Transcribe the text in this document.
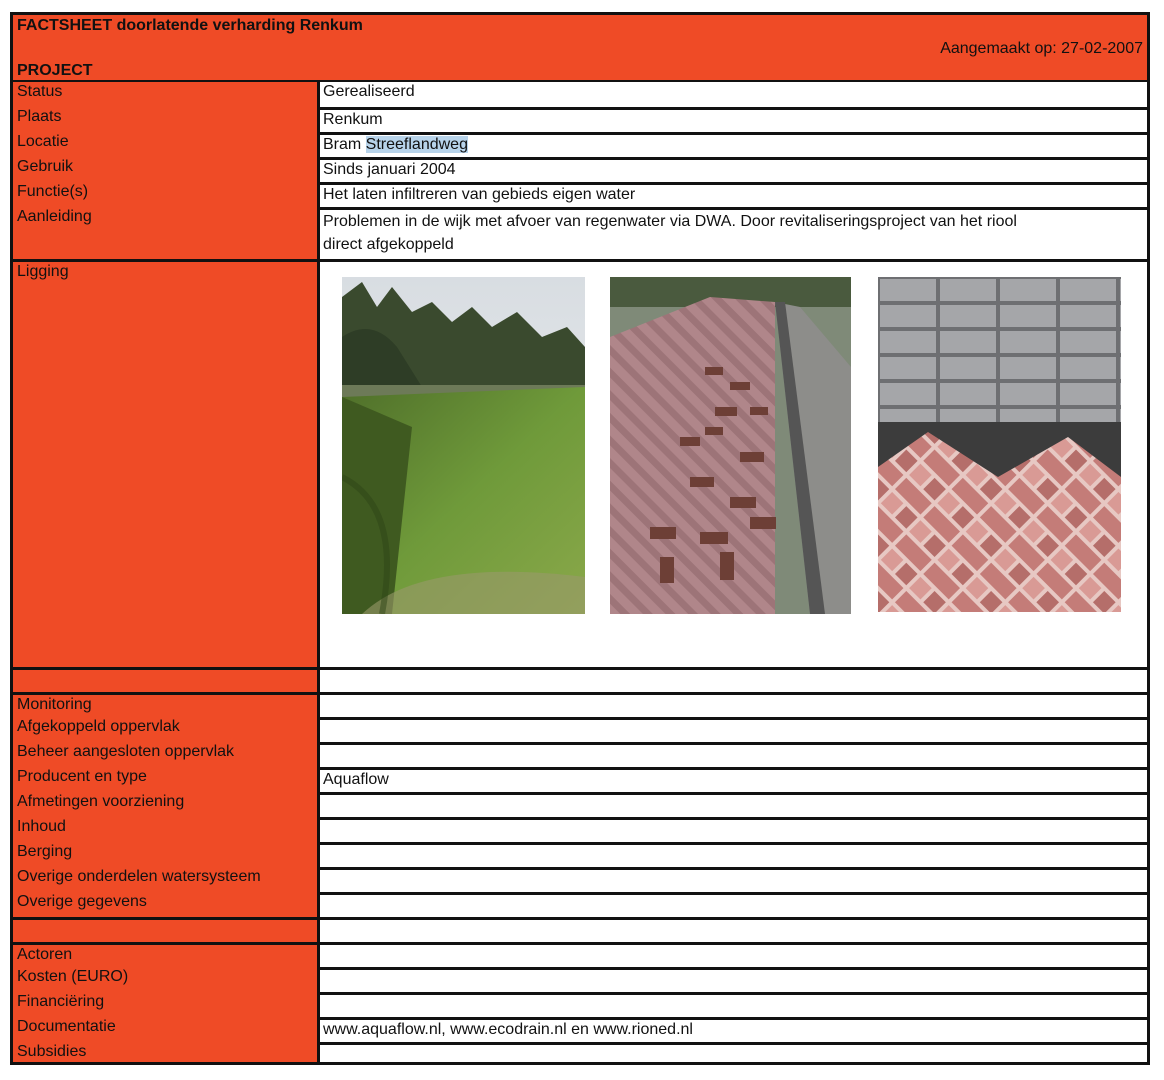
FACTSHEET doorlatende verharding Renkum
Aangemaakt op: 27-02-2007
PROJECT
Status	Gerealiseerd
Plaats	Renkum
Locatie	Bram Streeflandweg
Gebruik	Sinds januari 2004
Functie(s)	Het laten infiltreren van gebieds eigen water
Aanleiding	Problemen in de wijk met afvoer van regenwater via DWA. Door revitaliseringsproject van het riool
direct afgekoppeld
Ligging
Monitoring
Afgekoppeld oppervlak
Beheer aangesloten oppervlak
Producent en type	Aquaflow
Afmetingen voorziening
Inhoud
Berging
Overige onderdelen watersysteem
Overige gegevens
Actoren
Kosten (EURO)
Financiëring
Documentatie	www.aquaflow.nl, www.ecodrain.nl en www.rioned.nl
Subsidies
